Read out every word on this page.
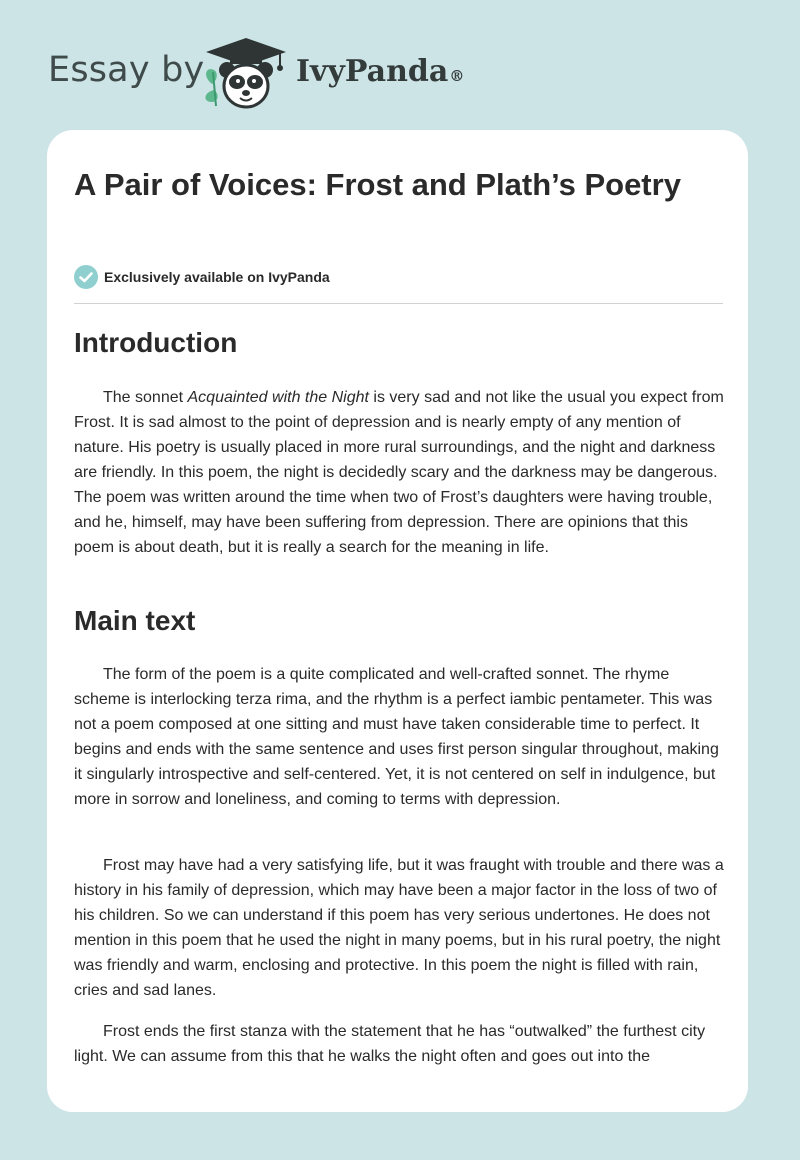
Essay by	IvyPanda®
A Pair of Voices: Frost and Plath’s Poetry
Exclusively available on IvyPanda
Introduction

The sonnet Acquainted with the Night is very sad and not like the usual you expect from Frost. It is sad almost to the point of depression and is nearly empty of any mention of nature. His poetry is usually placed in more rural surroundings, and the night and darkness are friendly. In this poem, the night is decidedly scary and the darkness may be dangerous. The poem was written around the time when two of Frost’s daughters were having trouble, and he, himself, may have been suffering from depression. There are opinions that this poem is about death, but it is really a search for the meaning in life.

Main text

The form of the poem is a quite complicated and well-crafted sonnet. The rhyme scheme is interlocking terza rima, and the rhythm is a perfect iambic pentameter. This was not a poem composed at one sitting and must have taken considerable time to perfect. It begins and ends with the same sentence and uses first person singular throughout, making it singularly introspective and self-centered. Yet, it is not centered on self in indulgence, but more in sorrow and loneliness, and coming to terms with depression.

Frost may have had a very satisfying life, but it was fraught with trouble and there was a history in his family of depression, which may have been a major factor in the loss of two of his children. So we can understand if this poem has very serious undertones. He does not mention in this poem that he used the night in many poems, but in his rural poetry, the night was friendly and warm, enclosing and protective. In this poem the night is filled with rain, cries and sad lanes.

Frost ends the first stanza with the statement that he has “outwalked” the furthest city light. We can assume from this that he walks the night often and goes out into the
